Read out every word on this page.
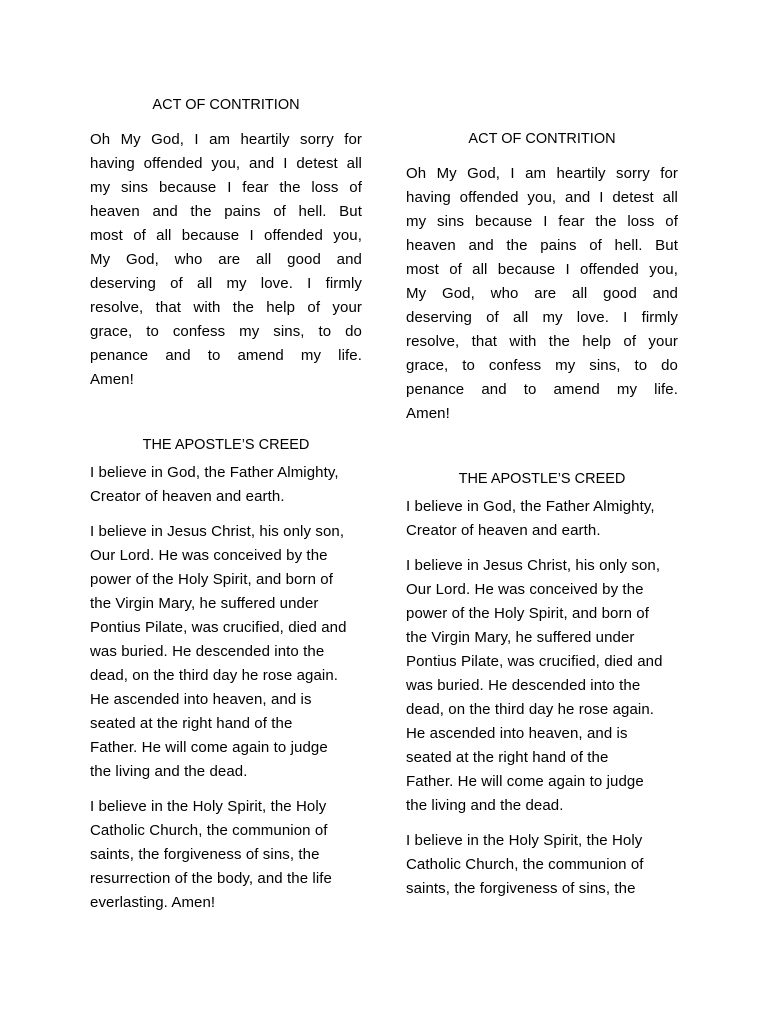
ACT OF CONTRITION

Oh My God, I am heartily sorry for
having offended you, and I detest all
my sins because I fear the loss of
heaven and the pains of hell. But
most of all because I offended you,
My God, who are all good and
deserving of all my love. I firmly
resolve, that with the help of your
grace, to confess my sins, to do
penance and to amend my life.
Amen!

THE APOSTLE’S CREED

I believe in God, the Father Almighty,
Creator of heaven and earth.

I believe in Jesus Christ, his only son,
Our Lord. He was conceived by the
power of the Holy Spirit, and born of
the Virgin Mary, he suffered under
Pontius Pilate, was crucified, died and
was buried. He descended into the
dead, on the third day he rose again.
He ascended into heaven, and is
seated at the right hand of the
Father. He will come again to judge
the living and the dead.

I believe in the Holy Spirit, the Holy
Catholic Church, the communion of
saints, the forgiveness of sins, the
resurrection of the body, and the life
everlasting. Amen!

ACT OF CONTRITION

Oh My God, I am heartily sorry for
having offended you, and I detest all
my sins because I fear the loss of
heaven and the pains of hell. But
most of all because I offended you,
My God, who are all good and
deserving of all my love. I firmly
resolve, that with the help of your
grace, to confess my sins, to do
penance and to amend my life.
Amen!

THE APOSTLE’S CREED

I believe in God, the Father Almighty,
Creator of heaven and earth.

I believe in Jesus Christ, his only son,
Our Lord. He was conceived by the
power of the Holy Spirit, and born of
the Virgin Mary, he suffered under
Pontius Pilate, was crucified, died and
was buried. He descended into the
dead, on the third day he rose again.
He ascended into heaven, and is
seated at the right hand of the
Father. He will come again to judge
the living and the dead.

I believe in the Holy Spirit, the Holy
Catholic Church, the communion of
saints, the forgiveness of sins, the
